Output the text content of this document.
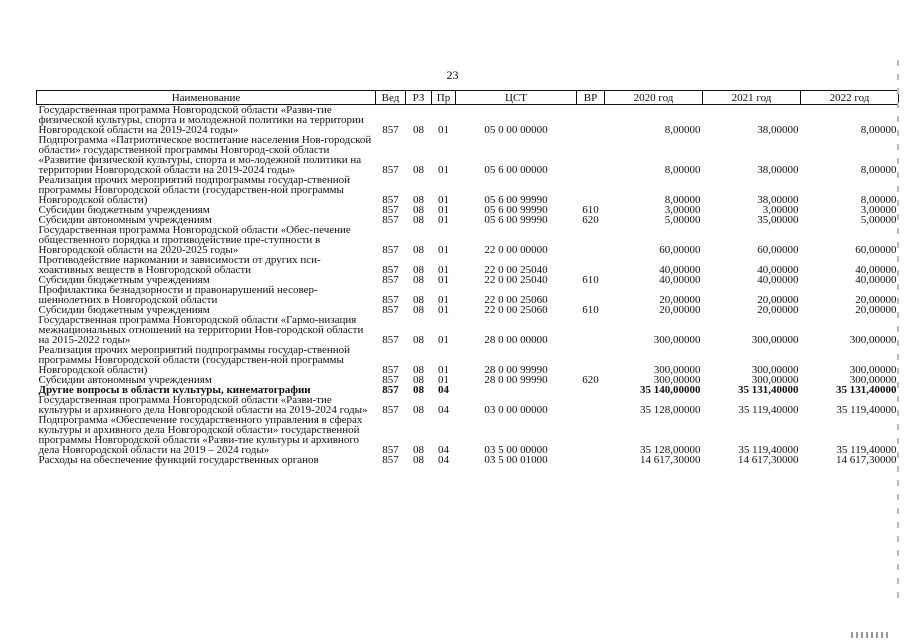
23
Наименование	Вед	РЗ	Пр	ЦСТ	ВР	2020 год	2021 год	2022 год
Государственная программа Новгородской области «Разви-тие физической культуры, спорта и молодежной политики на территории Новгородской области на 2019-2024 годы»	857	08	01	05 0 00 00000		8,00000	38,00000	8,00000
Подпрограмма «Патриотическое воспитание населения Нов-городской области» государственной программы Новгород-ской области «Развитие физической культуры, спорта и мо-лодежной политики на территории Новгородской области на 2019-2024 годы»	857	08	01	05 6 00 00000		8,00000	38,00000	8,00000
Реализация прочих мероприятий подпрограммы государ-ственной программы Новгородской области (государствен-ной программы Новгородской области)	857	08	01	05 6 00 99990		8,00000	38,00000	8,00000
Субсидии бюджетным учреждениям	857	08	01	05 6 00 99990	610	3,00000	3,00000	3,00000
Субсидии автономным учреждениям	857	08	01	05 6 00 99990	620	5,00000	35,00000	5,00000
Государственная программа Новгородской области «Обес-печение общественного порядка и противодействие пре-ступности в Новгородской области на 2020-2025 годы»	857	08	01	22 0 00 00000		60,00000	60,00000	60,00000
Противодействие наркомании и зависимости от других пси-хоактивных веществ в Новгородской области	857	08	01	22 0 00 25040		40,00000	40,00000	40,00000
Субсидии бюджетным учреждениям	857	08	01	22 0 00 25040	610	40,00000	40,00000	40,00000
Профилактика безнадзорности и правонарушений несовер-шеннолетних в Новгородской области	857	08	01	22 0 00 25060		20,00000	20,00000	20,00000
Субсидии бюджетным учреждениям	857	08	01	22 0 00 25060	610	20,00000	20,00000	20,00000
Государственная программа Новгородской области «Гармо-низация межнациональных отношений на территории Нов-городской области на 2015-2022 годы»	857	08	01	28 0 00 00000		300,00000	300,00000	300,00000
Реализация прочих мероприятий подпрограммы государ-ственной программы Новгородской области (государствен-ной программы Новгородской области)	857	08	01	28 0 00 99990		300,00000	300,00000	300,00000
Субсидии автономным учреждениям	857	08	01	28 0 00 99990	620	300,00000	300,00000	300,00000
Другие вопросы в области культуры, кинематографии	857	08	04			35 140,00000	35 131,40000	35 131,40000
Государственная программа Новгородской области «Разви-тие культуры и архивного дела Новгородской области на 2019-2024 годы»	857	08	04	03 0 00 00000		35 128,00000	35 119,40000	35 119,40000
Подпрограмма «Обеспечение государственного управления в сферах культуры и архивного дела Новгородской области» государственной программы Новгородской области «Разви-тие культуры и архивного дела Новгородской области на 2019 – 2024 годы»	857	08	04	03 5 00 00000		35 128,00000	35 119,40000	35 119,40000
Расходы на обеспечение функций государственных органов	857	08	04	03 5 00 01000		14 617,30000	14 617,30000	14 617,30000
